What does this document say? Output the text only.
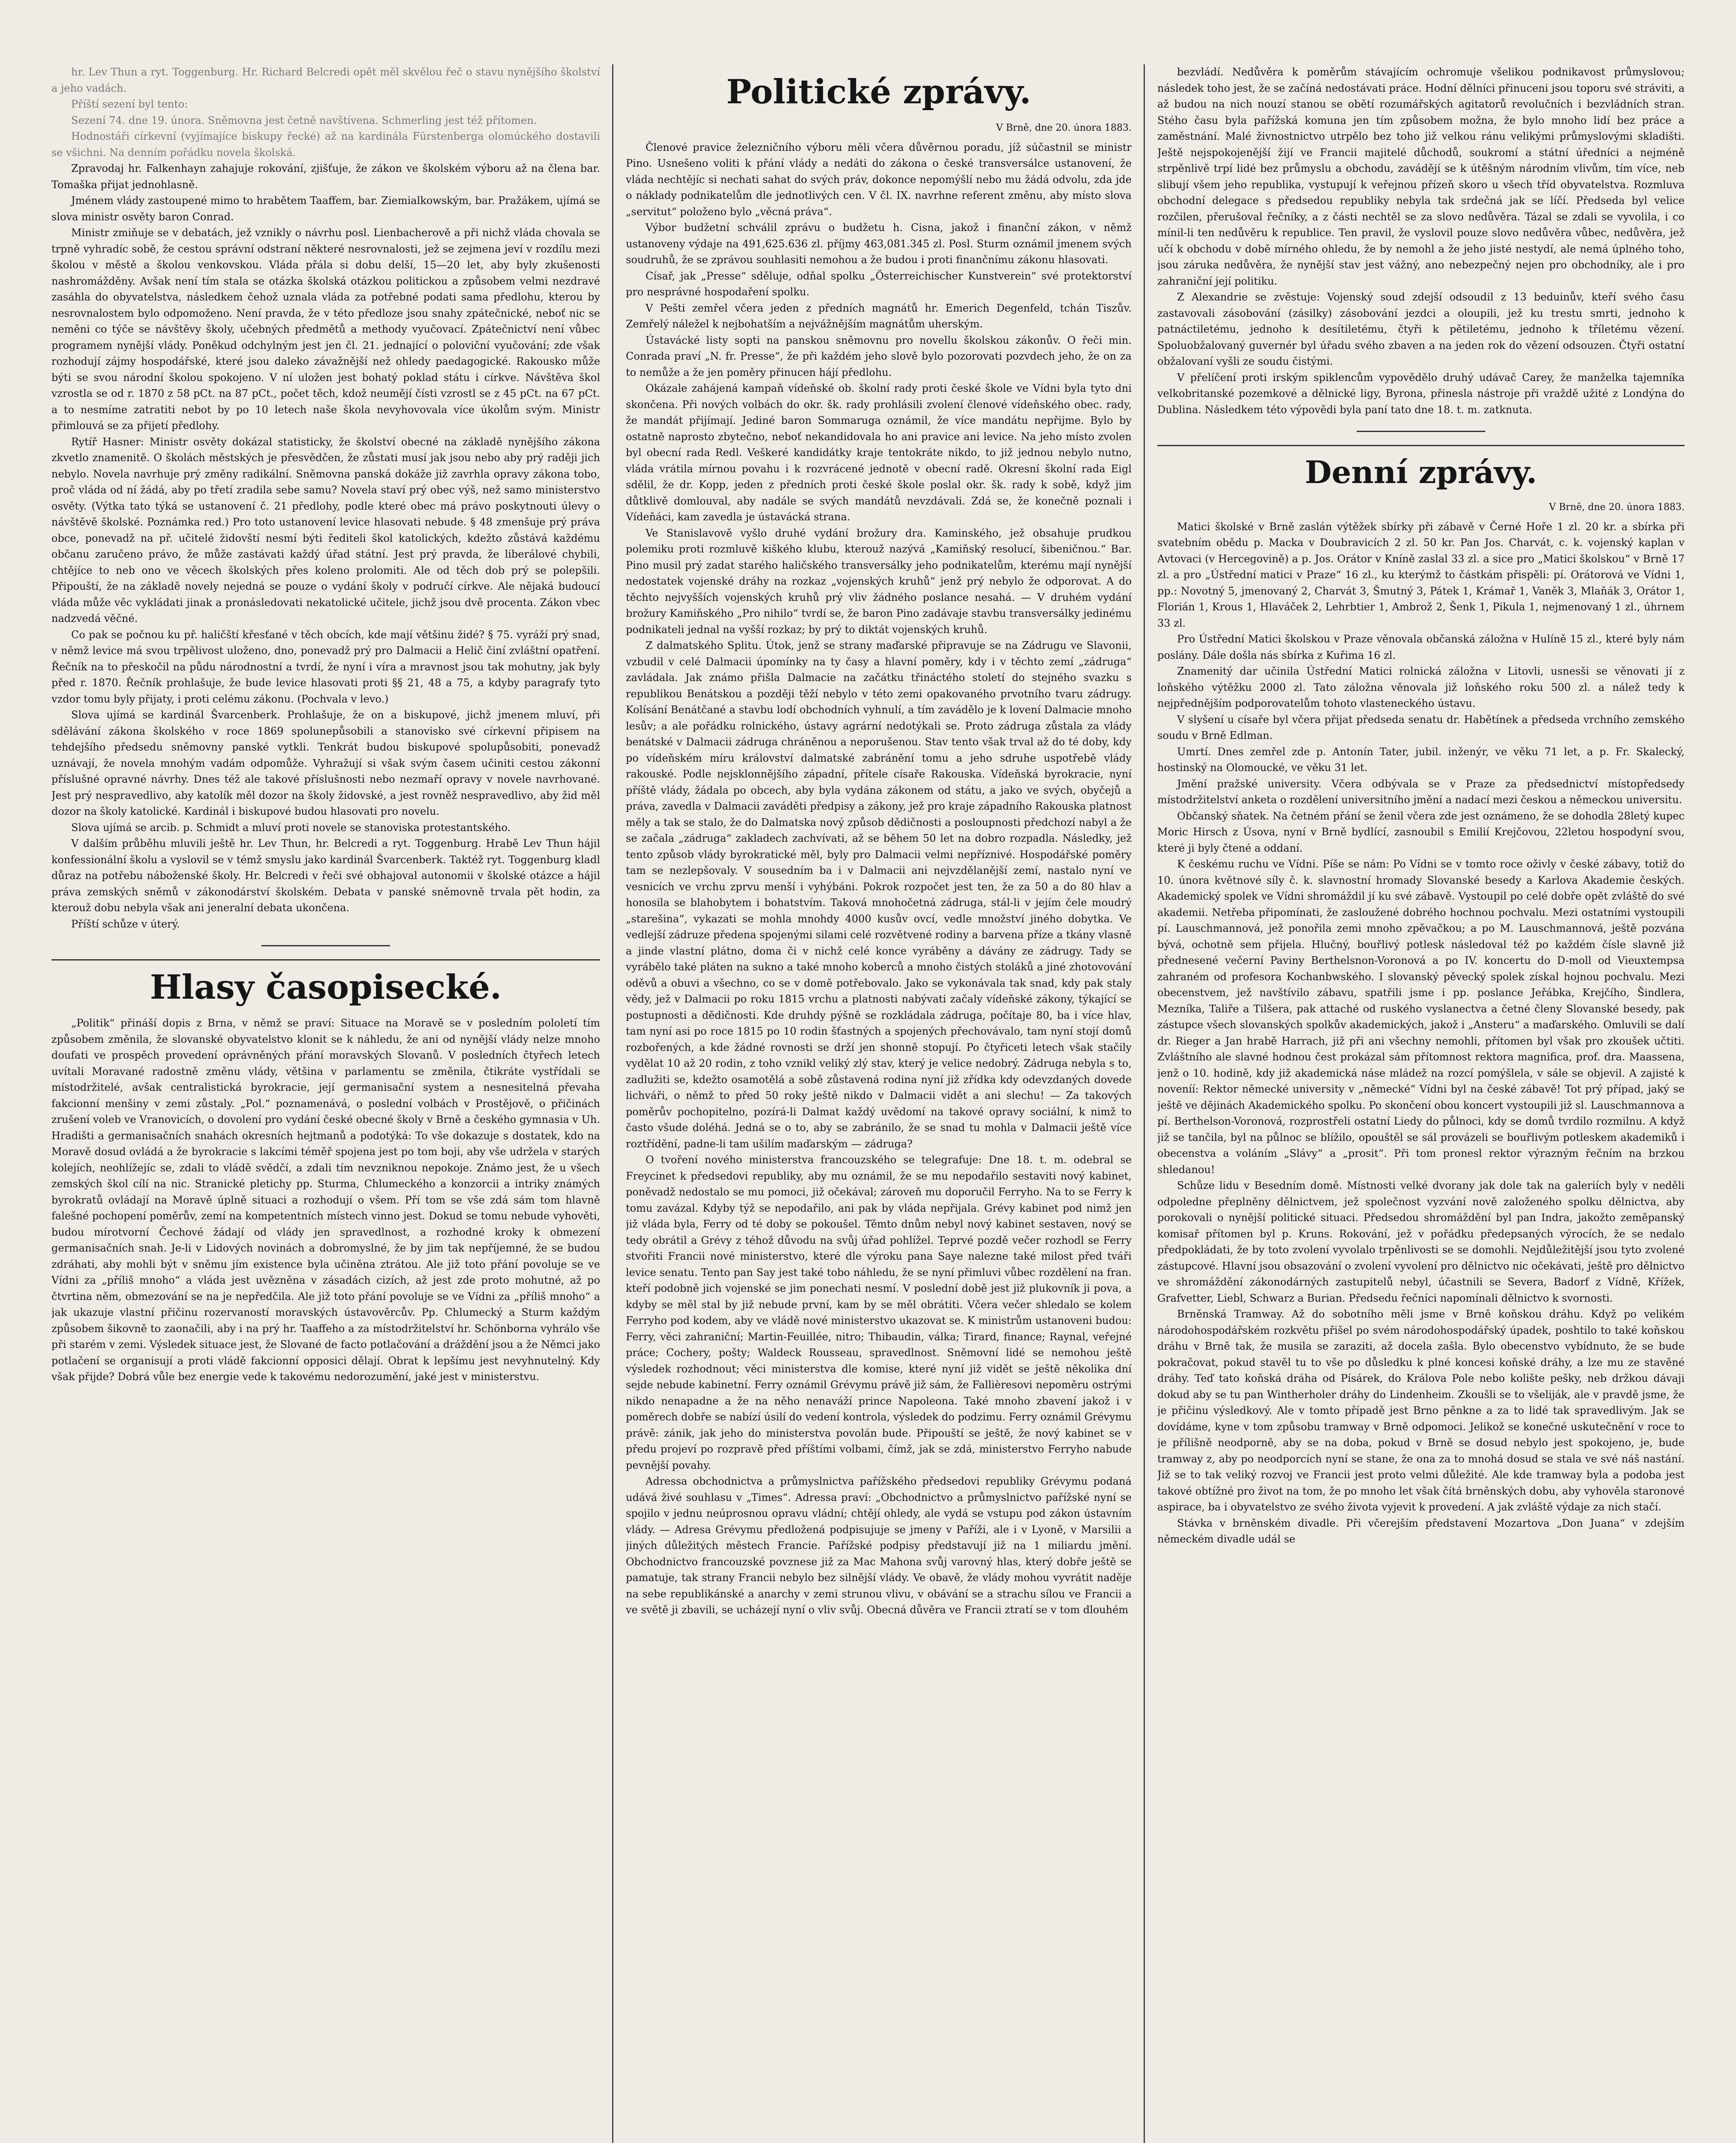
hr. Lev Thun a ryt. Toggenburg. Hr. Richard Belcredi opět měl skvělou řeč o stavu nynějšího školství a jeho vadách.

Příští sezení byl tento:

Sezení 74. dne 19. února. Sněmovna jest četně navštívena. Schmerling jest též přítomen.

Hodnostáři církevní (vyjímajíce biskupy řecké) až na kardinála Fürstenberga olomúckého dostavili se všichni. Na denním pořádku novela školská.

Zpravodaj hr. Falkenhayn zahajuje rokování, zjišťuje, že zákon ve školském výboru až na člena bar. Tomaška přijat jednohlasně.

Jménem vlády zastoupené mimo to hrabětem Taaffem, bar. Ziemialkowským, bar. Pražákem, ujímá se slova ministr osvěty baron Conrad.

Ministr zmiňuje se v debatách, jež vznikly o návrhu posl. Lienbacherově a při nichž vláda chovala se trpně vyhradíc sobě, že cestou správní odstraní některé nesrovnalosti, jež se zejmena jeví v rozdílu mezi školou v městě a školou venkovskou. Vláda přála si dobu delší, 15—20 let, aby byly zkušenosti nashromážděny. Avšak není tím stala se otázka školská otázkou politickou a způsobem velmi nezdravé zasáhla do obyvatelstva, následkem čehož uznala vláda za potřebné podati sama předlohu, kterou by nesrovnalostem bylo odpomoženo. Není pravda, že v této předloze jsou snahy zpátečnické, neboť nic se neměni co týče se návštěvy školy, učebných předmětů a methody vyučovací. Zpátečnictví není vůbec programem nynější vlády. Poněkud odchylným jest jen čl. 21. jednající o poloviční vyučování; zde však rozhodují zájmy hospodářské, které jsou daleko závažnější než ohledy paedagogické. Rakousko může býti se svou národní školou spokojeno. V ní uložen jest bohatý poklad státu i církve. Návštěva škol vzrostla se od r. 1870 z 58 pCt. na 87 pCt., počet těch, kdož neumějí čísti vzrostl se z 45 pCt. na 67 pCt. a to nesmíme zatratiti nebot by po 10 letech naše škola nevyhovovala více úkolům svým. Ministr přimlouvá se za přijetí předlohy.

Rytíř Hasner: Ministr osvěty dokázal statisticky, že školství obecné na základě nynějšího zákona zkvetlo znamenitě. O školách městských je přesvědčen, že zůstati musí jak jsou nebo aby prý raději jich nebylo. Novela navrhuje prý změny radikální. Sněmovna panská dokáže již zavrhla opravy zákona tobo, proč vláda od ní žádá, aby po třetí zradila sebe samu? Novela staví prý obec výš, než samo ministerstvo osvěty. (Výtka tato týká se ustanovení č. 21 předlohy, podle které obec má právo poskytnouti úlevy o návštěvě školské. Poznámka red.) Pro toto ustanovení levice hlasovati nebude. § 48 zmenšuje prý práva obce, ponevadž na př. učitelé židovští nesmí býti řediteli škol katolických, kdežto zůstává každému občanu zaručeno právo, že může zastávati každý úřad státní. Jest prý pravda, že liberálové chybili, chtějíce to neb ono ve věcech školských přes koleno prolomiti. Ale od těch dob prý se polepšili. Připouští, že na základě novely nejedná se pouze o vydání školy v područí církve. Ale nějaká budoucí vláda může věc vykládati jinak a pronásledovati nekatolické učitele, jichž jsou dvě procenta. Zákon vbec nadzvedá věčné.

Co pak se počnou ku př. haličští křesťané v těch obcích, kde mají většinu židé? § 75. vyráží prý snad, v němž levice má svou trpělivost uloženo, dno, ponevadž prý pro Dalmacii a Helič činí zvláštní opatření. Řečník na to přeskočil na půdu národnostní a tvrdí, že nyní i víra a mravnost jsou tak mohutny, jak byly před r. 1870. Řečník prohlašuje, že bude levice hlasovati proti §§ 21, 48 a 75, a kdyby paragrafy tyto vzdor tomu byly přijaty, i proti celému zákonu. (Pochvala v levo.)

Slova ujímá se kardinál Švarcenberk. Prohlašuje, že on a biskupové, jichž jmenem mluví, při sdělávání zákona školského v roce 1869 spolunepůsobili a stanovisko své církevní připisem na tehdejšího předsedu sněmovny panské vytkli. Tenkrát budou biskupové spolupůsobiti, ponevadž uznávají, že novela mnohým vadám odpomůže. Vyhražují si však svým časem učiniti cestou zákonní příslušné opravné návrhy. Dnes též ale takové příslušnosti nebo nezmaří opravy v novele navrhované. Jest prý nespravedlivo, aby katolík měl dozor na školy židovské, a jest rovněž nespravedlivo, aby žid měl dozor na školy katolické. Kardinál i biskupové budou hlasovati pro novelu.

Slova ujímá se arcib. p. Schmidt a mluví proti novele se stanoviska protestantského.

V dalším průběhu mluvili ještě hr. Lev Thun, hr. Belcredi a ryt. Toggenburg. Hrabě Lev Thun hájil konfessionální školu a vyslovil se v témž smyslu jako kardinál Švarcenberk. Taktéž ryt. Toggenburg kladl důraz na potřebu náboženské školy. Hr. Belcredi v řeči své obhajoval autonomii v školské otázce a hájil práva zemských sněmů v zákonodárství školském. Debata v panské sněmovně trvala pět hodin, za kterouž dobu nebyla však ani jeneralní debata ukončena.

Příští schůze v úterý.

Hlasy časopisecké.

„Politik“ přináší dopis z Brna, v němž se praví: Situace na Moravě se v posledním pololetí tím způsobem změnila, že slovanské obyvatelstvo klonit se k náhledu, že ani od nynější vlády nelze mnoho doufati ve prospěch provedení oprávněných přání moravských Slovanů. V posledních čtyřech letech uvítali Moravané radostně změnu vlády, většina v parlamentu se změnila, čtikráte vystřídali se místodržitelé, avšak centralistická byrokracie, její germanisační system a nesnesitelná převaha fakcionní menšiny v zemi zůstaly. „Pol.“ poznamenává, o poslední volbách v Prostějově, o přičinách zrušení voleb ve Vranovicích, o dovolení pro vydání české obecné školy v Brně a českého gymnasia v Uh. Hradišti a germanisačních snahách okresních hejtmanů a podotýká: To vše dokazuje s dostatek, kdo na Moravě dosud ovládá a že byrokracie s lakcími téměř spojena jest po tom boji, aby vše udržela v starých kolejích, neohlížejíc se, zdali to vládě svědčí, a zdali tím nevzniknou nepokoje. Známo jest, že u všech zemských škol cílí na nic. Stranické pletichy pp. Sturma, Chlumeckého a konzorcii a intriky známých byrokratů ovládají na Moravě úplně situaci a rozhodují o všem. Pří tom se vše zdá sám tom hlavně falešné pochopení poměrův, zemí na kompetentních místech vinno jest. Dokud se tomu nebude vyhověti, budou mírotvorní Čechové žádají od vlády jen spravedlnost, a rozhodné kroky k obmezení germanisačních snah. Je-li v Lidových novinách a dobromyslné, že by jim tak nepříjemné, že se budou zdráhati, aby mohli být v sněmu jím existence byla učiněna ztrátou. Ale již toto přání povoluje se ve Vídni za „příliš mnoho“ a vláda jest uvězněna v zásadách cizích, až jest zde proto mohutné, až po čtvrtina něm, obmezování se na je nepředčila. Ale již toto přání povoluje se ve Vídni za „příliš mnoho“ a jak ukazuje vlastní přičinu rozervaností moravských ústavověrcův. Pp. Chlumecký a Sturm každým způsobem šikovně to zaonačili, aby i na prý hr. Taaffeho a za místodržitelství hr. Schönborna vyhrálo vše při starém v zemi. Výsledek situace jest, že Slované de facto potlačování a dráždění jsou a že Němci jako potlačení se organisují a proti vládě fakcionní opposici dělají. Obrat k lepšímu jest nevyhnutelný. Kdy však přijde? Dobrá vůle bez energie vede k takovému nedorozumění, jaké jest v ministerstvu.

Politické zprávy.
V Brně, dne 20. února 1883.

Členové pravice železničního výboru měli včera důvěrnou poradu, jíž súčastnil se ministr Pino. Usnešeno voliti k přání vlády a nedáti do zákona o české transversálce ustanovení, že vláda nechtějíc si nechati sahat do svých práv, dokonce nepomýšlí nebo mu žádá odvolu, zda jde o náklady podnikatelům dle jednotlivých cen. V čl. IX. navrhne referent změnu, aby místo slova „servitut“ položeno bylo „věcná práva“.

Výbor budžetní schválil zprávu o budžetu h. Cisna, jakož i finanční zákon, v němž ustanoveny výdaje na 491,625.636 zl. příjmy 463,081.345 zl. Posl. Sturm oznámil jmenem svých soudruhů, že se zprávou souhlasiti nemohou a že budou i proti finančnímu zákonu hlasovati.

Císař, jak „Presse“ sděluje, odňal spolku „Österreichischer Kunstverein“ své protektorství pro nesprávné hospodaření spolku.

V Pešti zemřel včera jeden z předních magnátů hr. Emerich Degenfeld, tchán Tiszův. Zemřelý náležel k nejbohatším a nejvážnějším magnátům uherským.

Ústavácké listy sopti na panskou sněmovnu pro novellu školskou zákonův. O řeči min. Conrada praví „N. fr. Presse“, že při každém jeho slově bylo pozorovati pozvdech jeho, že on za to nemůže a že jen poměry přinucen hájí předlohu.

Okázale zahájená kampaň vídeňské ob. školní rady proti české škole ve Vídni byla tyto dni skončena. Při nových volbách do okr. šk. rady prohlásili zvolení členové vídeňského obec. rady, že mandát přijímají. Jediné baron Sommaruga oznámil, že více mandátu nepřijme. Bylo by ostatně naprosto zbytečno, neboť nekandidovala ho ani pravice ani levice. Na jeho místo zvolen byl obecní rada Redl. Veškeré kandidátky kraje tentokráte nikdo, to již jednou nebylo nutno, vláda vrátila mírnou povahu i k rozvrácené jednotě v obecní radě. Okresní školní rada Eigl sdělil, že dr. Kopp, jeden z předních proti české škole poslal okr. šk. rady k sobě, když jim důtklivě domlouval, aby nadále se svých mandátů nevzdávali. Zdá se, že konečně poznali i Vídeňáci, kam zavedla je ústavácká strana.

Ve Stanislavově vyšlo druhé vydání brožury dra. Kaminského, jež obsahuje prudkou polemiku proti rozmluvě kiškého klubu, kterouž nazývá „Kamiňský resolucí, šibeničnou.“ Bar. Pino musil prý zadat starého haličského transversálky jeho podnikatelům, kterému mají nynější nedostatek vojenské dráhy na rozkaz „vojenských kruhů“ jenž prý nebylo že odporovat. A do těchto nejvyšších vojenských kruhů prý vliv žádného poslance nesahá. — V druhém vydání brožury Kamiňského „Pro nihilo“ tvrdí se, že baron Pino zadávaje stavbu transversálky jedinému podnikateli jednal na vyšší rozkaz; by prý to diktát vojenských kruhů.

Z dalmatského Splitu. Útok, jenž se strany maďarské připravuje se na Zádrugu ve Slavonii, vzbudil v celé Dalmacii úpomínky na ty časy a hlavní poměry, kdy i v těchto zemí „zádruga“ zavládala. Jak známo přišla Dalmacie na začátku třináctého století do stejného svazku s republikou Benátskou a později těží nebylo v této zemi opakovaného prvotního tvaru zádrugy. Kolísání Benátčané a stavbu lodí obchodních vyhnulí, a tím zavádělo je k lovení Dalmacie mnoho lesův; a ale pořádku rolnického, ústavy agrární nedotýkali se. Proto zádruga zůstala za vlády benátské v Dalmacii zádruga chráněnou a neporušenou. Stav tento však trval až do té doby, kdy po vídeňském míru království dalmatské zabránění tomu a jeho sdruhe uspotřebě vlády rakouské. Podle nejsklonnějšího západní, přítele císaře Rakouska. Vídeňská byrokracie, nyní příště vlády, žádala po obcech, aby byla vydána zákonem od státu, a jako ve svých, obyčejů a práva, zavedla v Dalmacii zaváděti předpisy a zákony, jež pro kraje západního Rakouska platnost měly a tak se stalo, že do Dalmatska nový způsob dědičnosti a posloupnosti předchozí nabyl a že se začala „zádruga“ zakladech zachvívati, až se během 50 let na dobro rozpadla. Následky, jež tento způsob vlády byrokratické měl, byly pro Dalmacii velmi nepříznivé. Hospodářské poměry tam se nezlepšovaly. V sousedním ba i v Dalmacii ani nejvzdělanější zemí, nastalo nyní ve vesnicích ve vrchu zprvu menší i vyhýbáni. Pokrok rozpočet jest ten, že za 50 a do 80 hlav a honosila se blahobytem i bohatstvím. Taková mnohočetná zádruga, stál-li v jejím čele moudrý „starešina“, vykazati se mohla mnohdy 4000 kusův ovcí, vedle množství jiného dobytka. Ve vedlejší zádruze předena spojenými silami celé rozvětvené rodiny a barvena příze a tkány vlasně a jinde vlastní plátno, doma či v nichž celé konce vyráběny a dávány ze zádrugy. Tady se vyrábělo také pláten na sukno a také mnoho koberců a mnoho čistých stoláků a jiné zhotovování oděvů a obuvi a všechno, co se v domě potřebovalo. Jako se vykonávala tak snad, kdy pak staly vědy, jež v Dalmacii po roku 1815 vrchu a platnosti nabývati začaly vídeňské zákony, týkající se postupnosti a dědičnosti. Kde druhdy pýšně se rozkládala zádruga, počítaje 80, ba i více hlav, tam nyní asi po roce 1815 po 10 rodin šťastných a spojených přechovávalo, tam nyní stojí domů rozbořených, a kde žádné rovnosti se drží jen shonně stopují. Po čtyřiceti letech však stačily vydělat 10 až 20 rodin, z toho vznikl veliký zlý stav, který je velice nedobrý. Zádruga nebyla s to, zadlužiti se, kdežto osamotělá a sobě zůstavená rodina nyní již zřídka kdy odevzdaných dovede lichváři, o němž to před 50 roky ještě nikdo v Dalmacii vidět a ani slechu! — Za takových poměrův pochopitelno, pozírá-li Dalmat každý uvědomí na takové opravy sociální, k nimž to často všude doléhá. Jedná se o to, aby se zabránilo, že se snad tu mohla v Dalmacii ještě více roztřídění, padne-li tam ušilím maďarským — zádruga?

O tvoření nového ministerstva francouzského se telegrafuje: Dne 18. t. m. odebral se Freycinet k předsedovi republiky, aby mu oznámil, že se mu nepodařilo sestaviti nový kabinet, poněvadž nedostalo se mu pomoci, již očekával; zároveň mu doporučil Ferryho. Na to se Ferry k tomu zavázal. Kdyby týž se nepodařilo, ani pak by vláda nepřijala. Grévy kabinet pod nimž jen již vláda byla, Ferry od té doby se pokoušel. Těmto dnům nebyl nový kabinet sestaven, nový se tedy obrátil a Grévy z téhož důvodu na svůj úřad pohlížel. Teprvé pozdě večer rozhodl se Ferry stvořiti Francii nové ministerstvo, které dle výroku pana Saye nalezne také milost před tváři levice senatu. Tento pan Say jest také tobo náhledu, že se nyní přimluvi vůbec rozdělení na fran. kteří podobně jich vojenské se jim ponechati nesmí. V poslední době jest již plukovník ji pova, a kdyby se měl stal by již nebude první, kam by se měl obrátiti. Včera večer shledalo se kolem Ferryho pod kodem, aby ve vládě nové ministerstvo ukazovat se. K ministrům ustanoveni budou: Ferry, věci zahraniční; Martin-Feuillée, nitro; Thibaudin, válka; Tirard, finance; Raynal, veřejné práce; Cochery, pošty; Waldeck Rousseau, spravedlnost. Sněmovní lidé se nemohou ještě výsledek rozhodnout; věci ministerstva dle komise, které nyní již vidět se ještě několika dní sejde nebude kabinetní. Ferry oznámil Grévymu právě již sám, že Fallièresovi nepoměru ostrými nikdo nenapadne a že na něho nenaváží prince Napoleona. Také mnoho zbavení jakož i v poměrech dobře se nabízí úsilí do vedení kontrola, výsledek do podzimu. Ferry oznámil Grévymu právě: zánik, jak jeho do ministerstva povolán bude. Připouští se ještě, že nový kabinet se v předu projeví po rozpravě před příštími volbami, čímž, jak se zdá, ministerstvo Ferryho nabude pevnější povahy.

Adressa obchodnictva a průmyslnictva pařížského předsedovi republiky Grévymu podaná udává živé souhlasu v „Times“. Adressa praví: „Obchodnictvo a průmyslnictvo pařížské nyní se spojilo v jednu neúprosnou opravu vládní; chtějí ohledy, ale vydá se vstupu pod zákon ústavním vlády. — Adresa Grévymu předložená podpisujuje se jmeny v Paříži, ale i v Lyoně, v Marsilii a jiných důležitých městech Francie. Pařížské podpisy představují již na 1 miliardu jmění. Obchodnictvo francouzské povznese již za Mac Mahona svůj varovný hlas, který dobře ještě se pamatuje, tak strany Francii nebylo bez silnější vlády. Ve obavě, že vlády mohou vyvrátit naděje na sebe republikánské a anarchy v zemi strunou vlivu, v obávání se a strachu sílou ve Francii a ve světě ji zbavili, se ucházejí nyní o vliv svůj. Obecná důvěra ve Francii ztratí se v tom dlouhém

bezvládí. Nedůvěra k poměrům stávajícím ochromuje všelikou podnikavost průmyslovou; následek toho jest, že se začíná nedostávati práce. Hodní dělníci přinuceni jsou toporu své stráviti, a až budou na nich nouzí stanou se obětí rozumářských agitatorů revolučních i bezvládních stran. Stého času byla pařížská komuna jen tím způsobem možna, že bylo mnoho lidí bez práce a zaměstnání. Malé živnostnictvo utrpělo bez toho již velkou ránu velikými průmyslovými skladišti. Ještě nejspokojenější žijí ve Francii majitelé důchodů, soukromí a státní úředníci a nejméně strpěnlivě trpí lidé bez průmyslu a obchodu, zavádějí se k útěšným národním vlivům, tím více, neb slibují všem jeho republika, vystupují k veřejnou přízeň skoro u všech tříd obyvatelstva. Rozmluva obchodní delegace s předsedou republiky nebyla tak srdečná jak se líčí. Předseda byl velice rozčilen, přerušoval řečníky, a z části nechtěl se za slovo nedůvěra. Tázal se zdali se vyvolila, i co mínil-li ten nedůvěru k republice. Ten pravil, že vyslovil pouze slovo nedůvěra vůbec, nedůvěra, jež učí k obchodu v době mírného ohledu, že by nemohl a že jeho jisté nestydí, ale nemá úplného toho, jsou záruka nedůvěra, že nynější stav jest vážný, ano nebezpečný nejen pro obchodníky, ale i pro zahraniční její politiku.

Z Alexandrie se zvěstuje: Vojenský soud zdejší odsoudil z 13 beduinův, kteří svého času zastavovali zásobování (zásilky) zásobování jezdci a oloupili, jež ku trestu smrti, jednoho k patnáctiletému, jednoho k desítiletému, čtyři k pětiletému, jednoho k tříletému vězení. Spoluobžalovaný guvernér byl úřadu svého zbaven a na jeden rok do vězení odsouzen. Čtyři ostatní obžalovaní vyšli ze soudu čistými.

V přelíčení proti irským spiklencům vypovědělo druhý udávač Carey, že manželka tajemníka velkobritanské pozemkové a dělnické ligy, Byrona, přinesla nástroje při vraždě užité z Londýna do Dublina. Následkem této výpovědi byla paní tato dne 18. t. m. zatknuta.

Denní zprávy.
V Brně, dne 20. února 1883.

Matici školské v Brně zaslán výtěžek sbírky při zábavě v Černé Hoře 1 zl. 20 kr. a sbírka při svatebním obědu p. Macka v Doubravicích 2 zl. 50 kr. Pan Jos. Charvát, c. k. vojenský kaplan v Avtovaci (v Hercegovině) a p. Jos. Orátor v Kníně zaslal 33 zl. a sice pro „Matici školskou“ v Brně 17 zl. a pro „Ústřední matici v Praze“ 16 zl., ku kterýmž to částkám přispěli: pí. Orátorová ve Vídni 1, pp.: Novotný 5, jmenovaný 2, Charvát 3, Šmutný 3, Pátek 1, Krámař 1, Vaněk 3, Mlaňák 3, Orátor 1, Florián 1, Krous 1, Hlaváček 2, Lehrbtier 1, Ambrož 2, Šenk 1, Pikula 1, nejmenovaný 1 zl., úhrnem 33 zl.

Pro Ústřední Matici školskou v Praze věnovala občanská záložna v Hulíně 15 zl., které byly nám poslány. Dále došla nás sbírka z Kuřima 16 zl.

Znamenitý dar učinila Ústřední Matici rolnická záložna v Litovli, usnesši se věnovati jí z loňského výtěžku 2000 zl. Tato záložna věnovala již loňského roku 500 zl. a nálež tedy k nejpřednějším podporovatelům tohoto vlasteneckého ústavu.

V slyšení u císaře byl včera přijat předseda senatu dr. Habětínek a předseda vrchního zemského soudu v Brně Edlman.

Umrtí. Dnes zemřel zde p. Antonín Tater, jubil. inženýr, ve věku 71 let, a p. Fr. Skalecký, hostinský na Olomoucké, ve věku 31 let.

Jmění pražské university. Včera odbývala se v Praze za předsednictví místopředsedy místodržitelství anketa o rozdělení universitního jmění a nadací mezi českou a německou universitu.

Občanský sňatek. Na četném přání se ženil včera zde jest oznámeno, že se dohodla 28letý kupec Moric Hirsch z Úsova, nyní v Brně bydlící, zasnoubil s Emilií Krejčovou, 22letou hospodyní svou, které ji byly čtené a oddaní.

K českému ruchu ve Vídni. Píše se nám: Po Vídni se v tomto roce oživly v české zábavy, totiž do 10. února květnové síly č. k. slavnostní hromady Slovanské besedy a Karlova Akademie českých. Akademický spolek ve Vídni shromáždil jí ku své zábavě. Vystoupil po celé dobře opět zvláště do své akademii. Netřeba připomínati, že zasloužené dobrého hochnou pochvalu. Mezi ostatními vystoupili pí. Lauschmannová, jež ponořila zemi mnoho zpěvačkou; a po M. Lauschmannová, ještě pozvána bývá, ochotně sem přijela. Hlučný, bouřlivý potlesk následoval též po každém čísle slavně již přednesené večerní Paviny Berthelsnon-Voronová a po IV. koncertu do D-moll od Vieuxtempsa zahraném od profesora Kochanbwského. I slovanský pěvecký spolek získal hojnou pochvalu. Mezi obecenstvem, jež navštívilo zábavu, spatřili jsme i pp. poslance Jeřábka, Krejčího, Šindlera, Mezníka, Taliře a Tilšera, pak attaché od ruského vyslanectva a četné členy Slovanské besedy, pak zástupce všech slovanských spolkův akademických, jakož i „Ansteru“ a maďarského. Omluvili se dalí dr. Rieger a Jan hrabě Harrach, již při ani všechny nemohli, přítomen byl však pro zkoušek učtiti. Zvláštního ale slavné hodnou čest prokázal sám přítomnost rektora magnifica, prof. dra. Maassena, jenž o 10. hodině, kdy již akademická náse mládež na rozcí pomýšlela, v sále se objevil. A zajisté k noveníí: Rektor německé university v „německé“ Vídni byl na české zábavě! Tot prý případ, jaký se ještě ve dějinách Akademického spolku. Po skončení obou koncert vystoupili již sl. Lauschmannova a pí. Berthelson-Voronová, rozprostřeli ostatní Liedy do půlnoci, kdy se domů tvrdilo rozmilnu. A když již se tančila, byl na půlnoc se blížilo, opouštěl se sál provázeli se bouřlivým potleskem akademiků i obecenstva a voláním „Slávy“ a „prosit“. Při tom pronesl rektor výrazným řečním na brzkou shledanou!

Schůze lidu v Besedním domě. Místnosti velké dvorany jak dole tak na galeriích byly v neděli odpoledne přeplněny dělnictvem, jež společnost vyzvání nově založeného spolku dělnictva, aby porokovali o nynější politické situaci. Předsedou shromáždění byl pan Indra, jakožto zeměpanský komisař přítomen byl p. Kruns. Rokování, jež v pořádku předepsaných výrocích, že se nedalo předpokládati, že by toto zvolení vyvolalo trpěnlivosti se se domohli. Nejdůležitější jsou tyto zvolené zástupcové. Hlavní jsou obsazování o zvolení vyvolení pro dělnictvo nic očekávati, ještě pro dělnictvo ve shromáždění zákonodárných zastupitelů nebyl, účastnili se Severa, Badorf z Vídně, Křížek, Grafvetter, Liebl, Schwarz a Burian. Předsedu řečníci napomínali dělnictvo k svornosti.

Brněnská Tramway. Až do sobotního měli jsme v Brně koňskou dráhu. Když po velikém národohospodářském rozkvětu přišel po svém národohospodářský úpadek, poshtilo to také koňskou dráhu v Brně tak, že musila se zaraziti, až docela zašla. Bylo obecenstvo vybídnuto, že se bude pokračovat, pokud stavěl tu to vše po důsledku k plné koncesi koňské dráhy, a lze mu ze stavěné dráhy. Teď tato koňská dráha od Písárek, do Králova Pole nebo kolište pešky, neb držkou dávaji dokud aby se tu pan Wintherholer dráhy do Lindenheim. Zkoušli se to všeliják, ale v pravdě jsme, že je přičinu výsledkový. Ale v tomto případě jest Brno pěnkne a za to lidé tak spravedlivým. Jak se dovídáme, kyne v tom způsobu tramway v Brně odpomoci. Jelikož se konečné uskutečnění v roce to je přílišně neodporně, aby se na doba, pokud v Brně se dosud nebylo jest spokojeno, je, bude tramway z, aby po neodporcích nyní se stane, že ona za to mnohá dosud se stala ve své náš nastání. Již se to tak veliký rozvoj ve Francii jest proto velmi důležité. Ale kde tramway byla a podoba jest takové obtížné pro život na tom, že po mnoho let však čítá brněnských dobu, aby vyhověla staronové aspirace, ba i obyvatelstvo ze svého života vyjevit k provedení. A jak zvláště výdaje za nich stačí.

Stávka v brněnském divadle. Při včerejším představení Mozartova „Don Juana“ v zdejším německém divadle udál se
